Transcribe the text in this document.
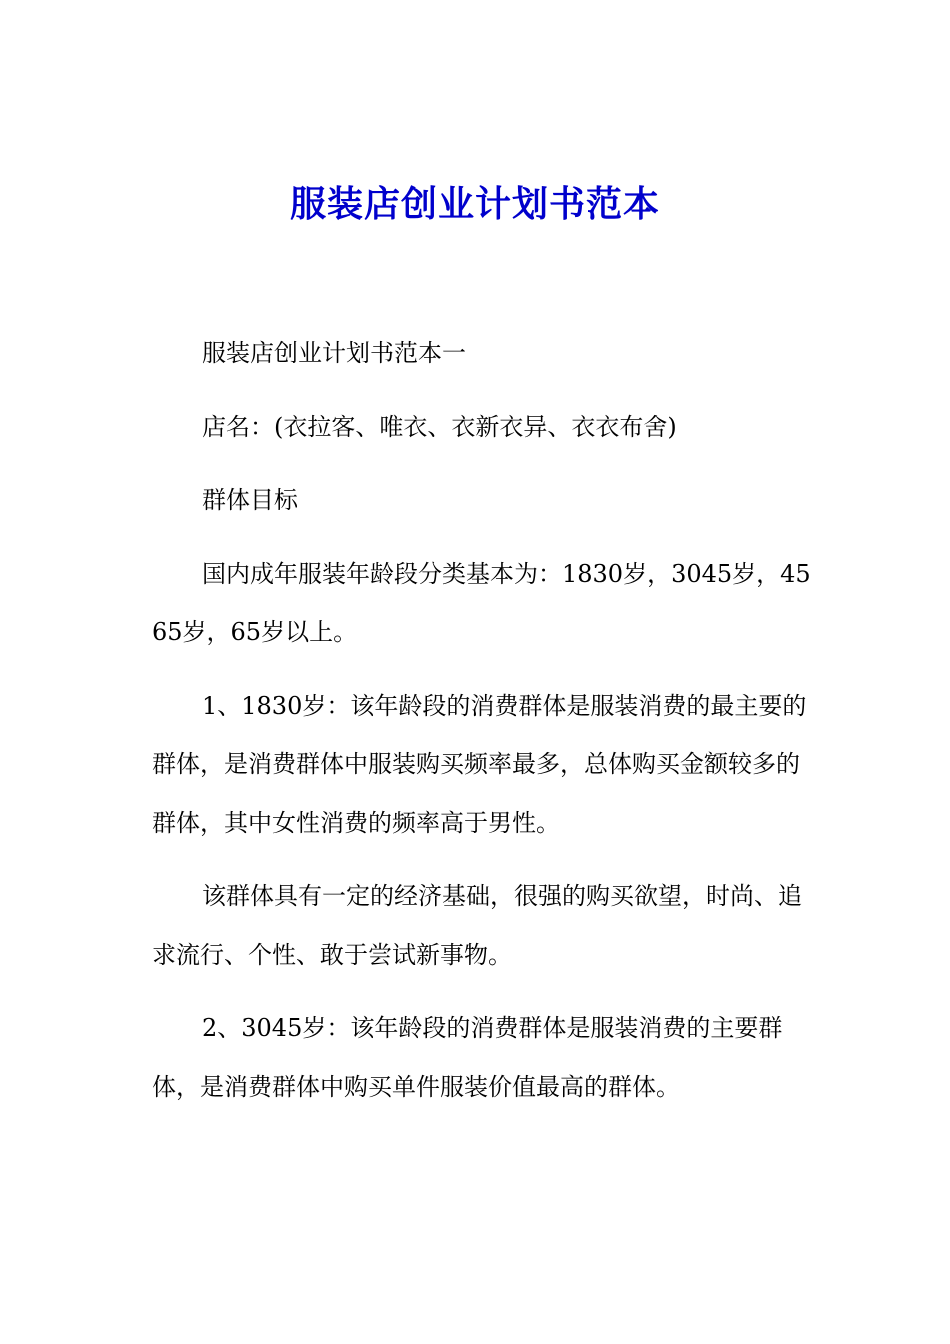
服装店创业计划书范本

服装店创业计划书范本一

店名：(衣拉客、唯衣、衣新衣异、衣衣布舍)

群体目标

国内成年服装年龄段分类基本为：1830岁，3045岁，4565岁，65岁以上。

1、1830岁：该年龄段的消费群体是服装消费的最主要的群体，是消费群体中服装购买频率最多，总体购买金额较多的群体，其中女性消费的频率高于男性。

该群体具有一定的经济基础，很强的购买欲望，时尚、追求流行、个性、敢于尝试新事物。

2、3045岁：该年龄段的消费群体是服装消费的主要群体，是消费群体中购买单件服装价值最高的群体。
